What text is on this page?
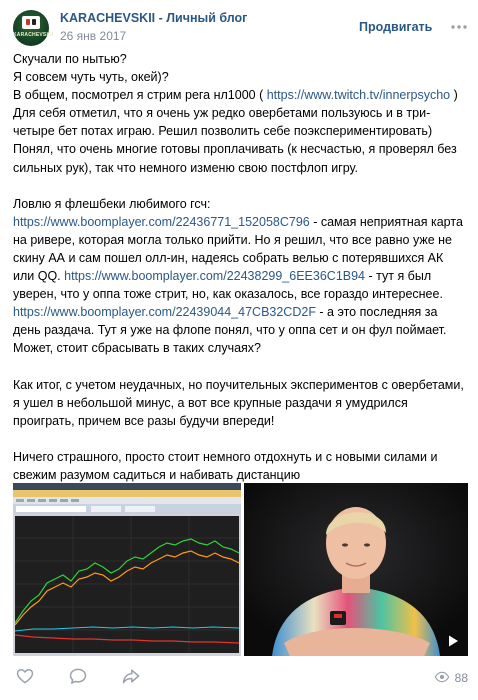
KARACHEVSKII
KARACHEVSKII - Личный блог
26 янв 2017
Продвигать

Скучали по нытью?

Я совсем чуть чуть, окей)?

В общем, посмотрел я стрим рега нл1000 ( https://www.twitch.tv/innerpsycho ) Для себя отметил, что я очень уж редко овербетами пользуюсь и в три-четыре бет потах играю. Решил позволить себе поэкспериментировать) Понял, что очень многие готовы проплачивать (к несчастью, я проверял без сильных рук), так что немного изменю свою постфлоп игру.

Ловлю я флешбеки любимого гсч: https://www.boomplayer.com/22436771_152058C796 - самая неприятная карта на ривере, которая могла только прийти. Но я решил, что все равно уже не скину АА и сам пошел олл-ин, надеясь собрать велью с потерявшихся АК или QQ. https://www.boomplayer.com/22438299_6EE36C1B94 - тут я был уверен, что у оппа тоже стрит, но, как оказалось, все гораздо интереснее. https://www.boomplayer.com/22439044_47CB32CD2F - а это последняя за день раздача. Тут я уже на флопе понял, что у оппа сет и он фул поймает. Может, стоит сбрасывать в таких случаях?

Как итог, с учетом неудачных, но поучительных экспериментов с овербетами, я ушел в небольшой минус, а вот все крупные раздачи я умудрился проиграть, причем все разы будучи впереди!

Ничего страшного, просто стоит немного отдохнуть и с новыми силами и свежим разумом садиться и набивать дистанцию

88
